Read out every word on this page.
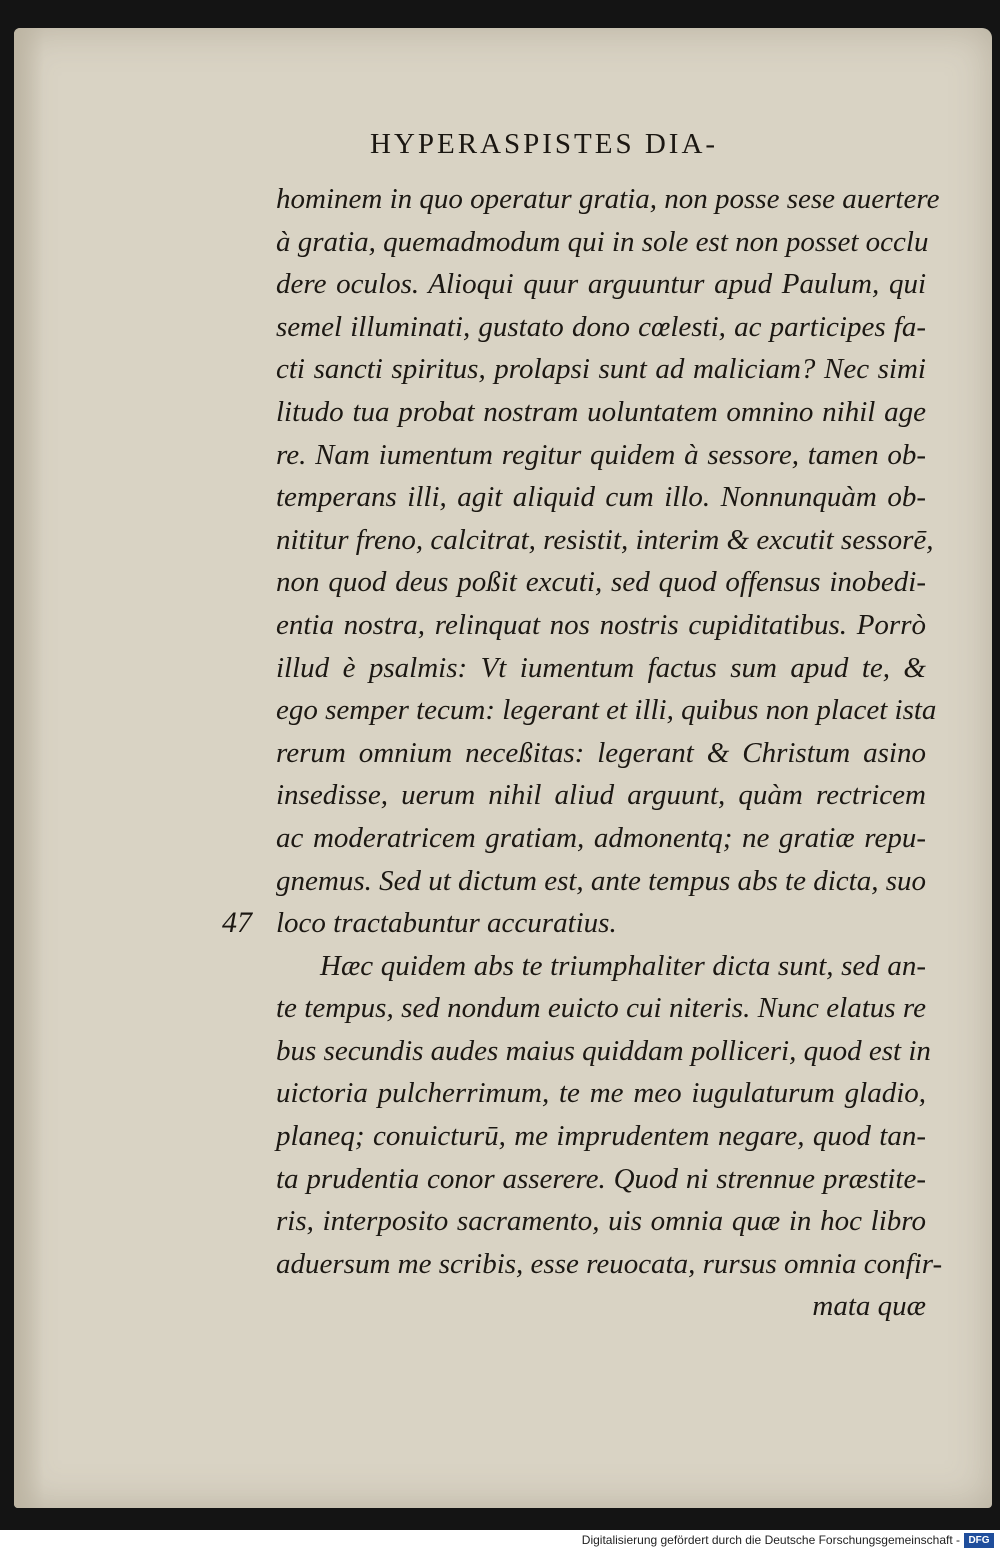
HYPERASPISTES DIA-
47
hominem in quo operatur gratia, non posse sese auertere
à gratia, quemadmodum qui in sole est non posset occlu
dere oculos. Alioqui quur arguuntur apud Paulum, qui
semel illuminati, gustato dono cœlesti, ac participes fa-
cti sancti spiritus, prolapsi sunt ad maliciam? Nec simi
litudo tua probat nostram uoluntatem omnino nihil age
re. Nam iumentum regitur quidem à sessore, tamen ob-
temperans illi, agit aliquid cum illo. Nonnunquàm ob-
nititur freno, calcitrat, resistit, interim & excutit sessorē,
non quod deus poßit excuti, sed quod offensus inobedi-
entia nostra, relinquat nos nostris cupiditatibus. Porrò
illud è psalmis: Vt iumentum factus sum apud te, &
ego semper tecum: legerant et illi, quibus non placet ista
rerum omnium neceßitas: legerant & Christum asino
insedisse, uerum nihil aliud arguunt, quàm rectricem
ac moderatricem gratiam, admonentq; ne gratiæ repu-
gnemus. Sed ut dictum est, ante tempus abs te dicta, suo
loco tractabuntur accuratius.
Hæc quidem abs te triumphaliter dicta sunt, sed an-
te tempus, sed nondum euicto cui niteris. Nunc elatus re
bus secundis audes maius quiddam polliceri, quod est in
uictoria pulcherrimum, te me meo iugulaturum gladio,
planeq; conuicturū, me imprudentem negare, quod tan-
ta prudentia conor asserere. Quod ni strennue præstite-
ris, interposito sacramento, uis omnia quæ in hoc libro
aduersum me scribis, esse reuocata, rursus omnia confir-
mata quæ
Digitalisierung gefördert durch die Deutsche Forschungsgemeinschaft - DFG
